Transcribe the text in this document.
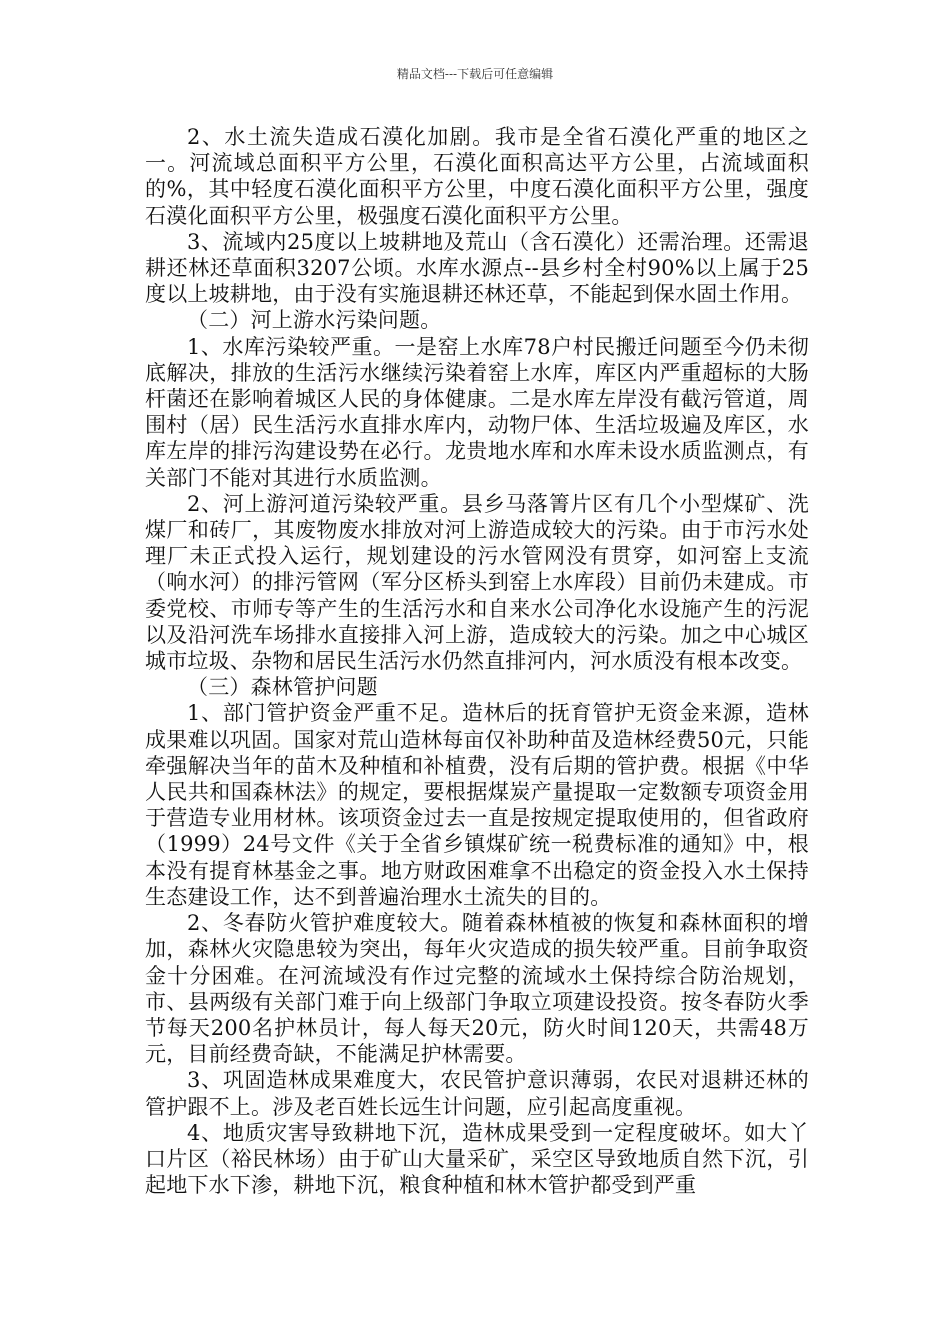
精品文档---下载后可任意编辑

2、水土流失造成石漠化加剧。我市是全省石漠化严重的地区之一。河流域总面积平方公里，石漠化面积高达平方公里，占流域面积的%，其中轻度石漠化面积平方公里，中度石漠化面积平方公里，强度石漠化面积平方公里，极强度石漠化面积平方公里。

3、流域内25度以上坡耕地及荒山（含石漠化）还需治理。还需退耕还林还草面积3207公顷。水库水源点--县乡村全村90%以上属于25度以上坡耕地，由于没有实施退耕还林还草，不能起到保水固土作用。

（二）河上游水污染问题。

1、水库污染较严重。一是窑上水库78户村民搬迁问题至今仍未彻底解决，排放的生活污水继续污染着窑上水库，库区内严重超标的大肠杆菌还在影响着城区人民的身体健康。二是水库左岸没有截污管道，周围村（居）民生活污水直排水库内，动物尸体、生活垃圾遍及库区，水库左岸的排污沟建设势在必行。龙贵地水库和水库未设水质监测点，有关部门不能对其进行水质监测。

2、河上游河道污染较严重。县乡马落箐片区有几个小型煤矿、洗煤厂和砖厂，其废物废水排放对河上游造成较大的污染。由于市污水处理厂未正式投入运行，规划建设的污水管网没有贯穿，如河窑上支流（响水河）的排污管网（军分区桥头到窑上水库段）目前仍未建成。市委党校、市师专等产生的生活污水和自来水公司净化水设施产生的污泥以及沿河洗车场排水直接排入河上游，造成较大的污染。加之中心城区城市垃圾、杂物和居民生活污水仍然直排河内，河水质没有根本改变。

（三）森林管护问题

1、部门管护资金严重不足。造林后的抚育管护无资金来源，造林成果难以巩固。国家对荒山造林每亩仅补助种苗及造林经费50元，只能牵强解决当年的苗木及种植和补植费，没有后期的管护费。根据《中华人民共和国森林法》的规定，要根据煤炭产量提取一定数额专项资金用于营造专业用材林。该项资金过去一直是按规定提取使用的，但省政府（1999）24号文件《关于全省乡镇煤矿统一税费标准的通知》中，根本没有提育林基金之事。地方财政困难拿不出稳定的资金投入水土保持生态建设工作，达不到普遍治理水土流失的目的。

2、冬春防火管护难度较大。随着森林植被的恢复和森林面积的增加，森林火灾隐患较为突出，每年火灾造成的损失较严重。目前争取资金十分困难。在河流域没有作过完整的流域水土保持综合防治规划，市、县两级有关部门难于向上级部门争取立项建设投资。按冬春防火季节每天200名护林员计，每人每天20元，防火时间120天，共需48万元，目前经费奇缺，不能满足护林需要。

3、巩固造林成果难度大，农民管护意识薄弱，农民对退耕还林的管护跟不上。涉及老百姓长远生计问题，应引起高度重视。

4、地质灾害导致耕地下沉，造林成果受到一定程度破坏。如大丫口片区（裕民林场）由于矿山大量采矿，采空区导致地质自然下沉，引起地下水下渗，耕地下沉，粮食种植和林木管护都受到严重
